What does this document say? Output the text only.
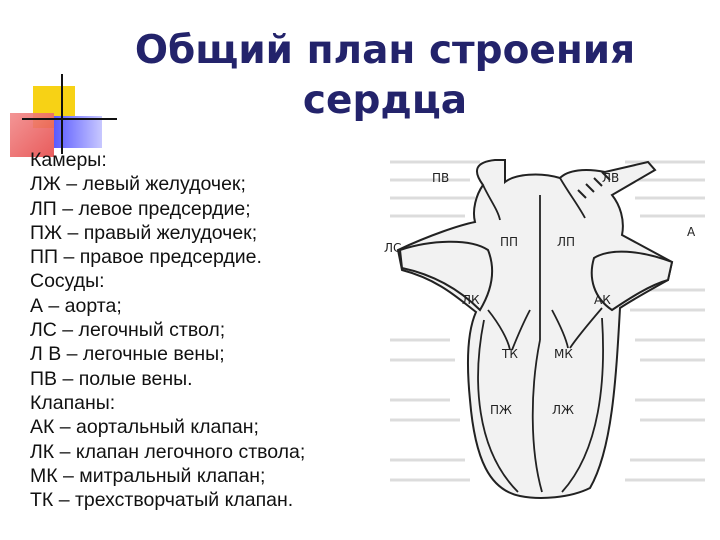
Общий план строения
сердца
Камеры:
ЛЖ – левый желудочек;
ЛП – левое предсердие;
ПЖ – правый желудочек;
ПП – правое предсердие.
Сосуды:
А – аорта;
ЛС – легочный ствол;
Л В – легочные вены;
ПВ – полые вены.
Клапаны:
АК – аортальный клапан;
ЛК – клапан легочного ствола;
МК – митральный клапан;
ТК – трехстворчатый клапан.
ПВ	ЛВ
ЛС
А
ПП	ЛП
ЛК	АК
ТК	МК
ПЖ	ЛЖ
